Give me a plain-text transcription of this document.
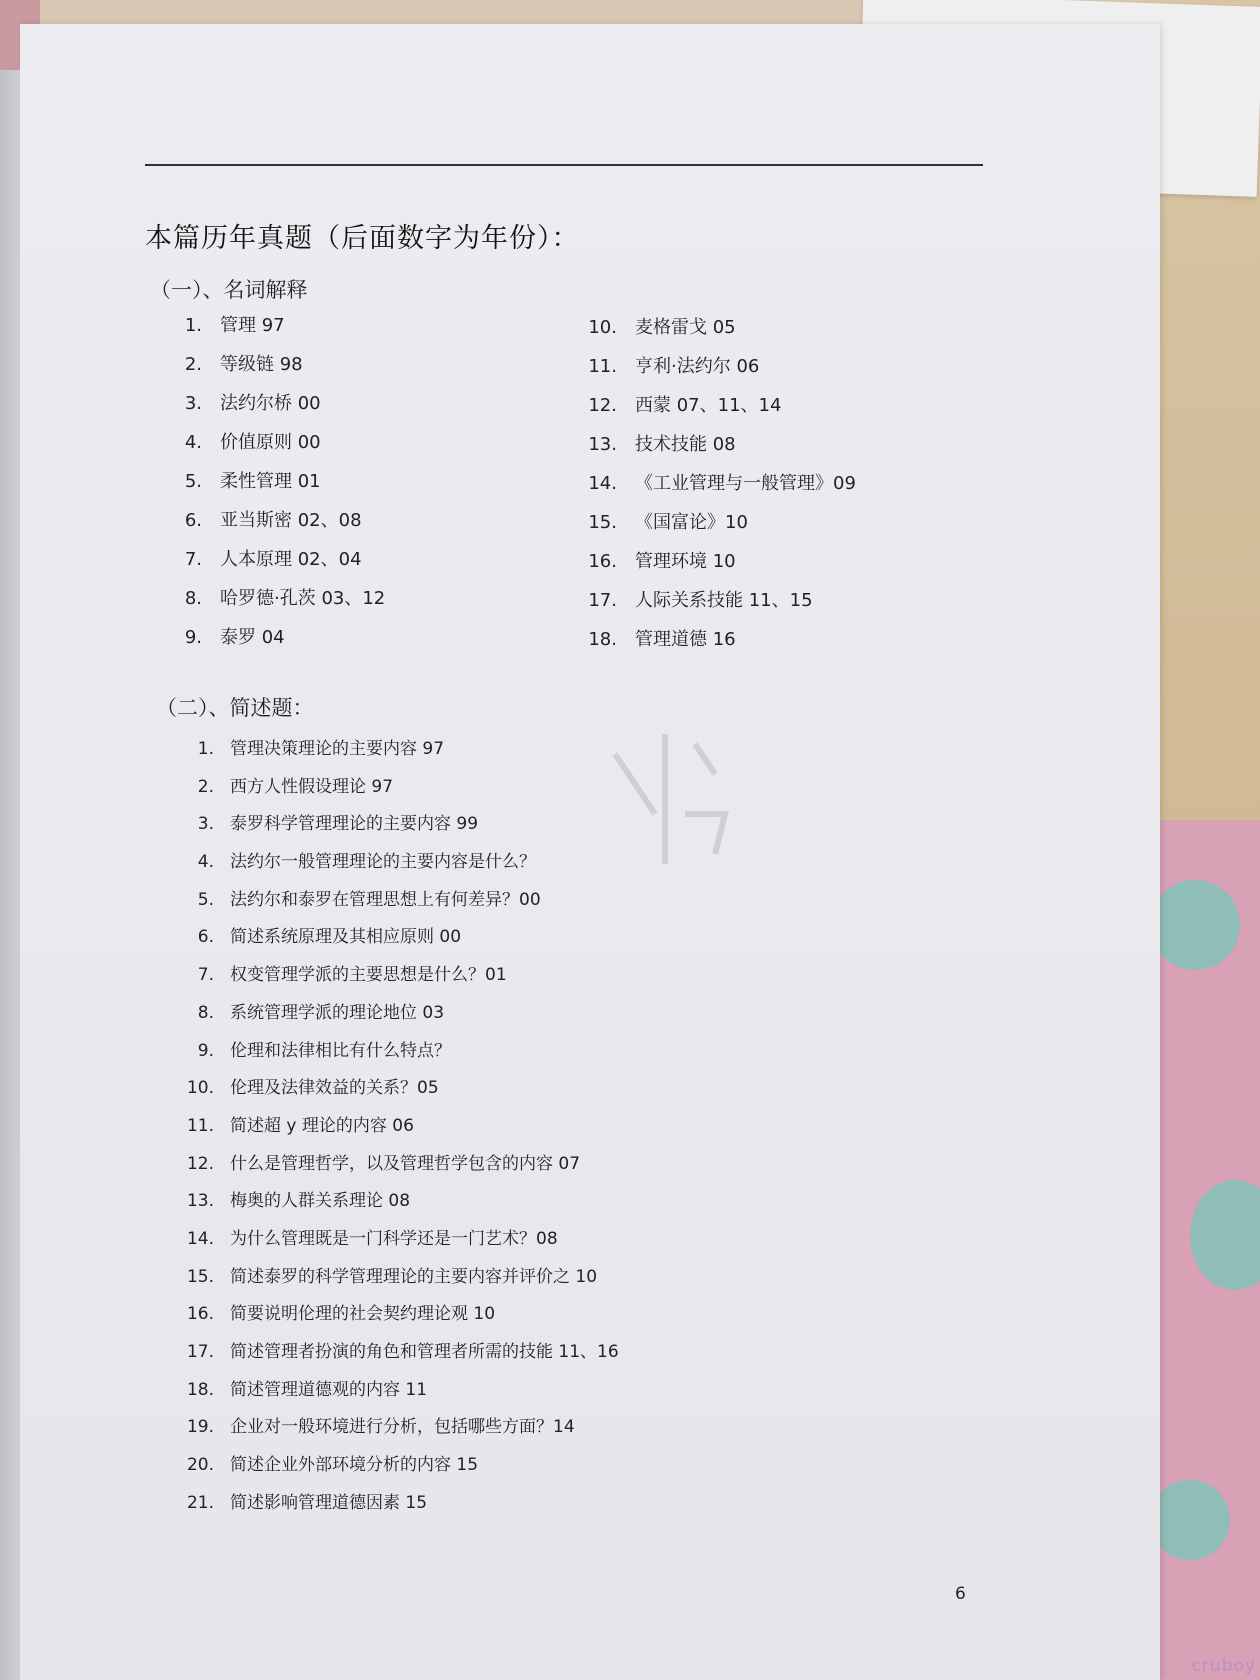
本篇历年真题（后面数字为年份）：
（一）、名词解释
1. 管理 97
2. 等级链 98
3. 法约尔桥 00
4. 价值原则 00
5. 柔性管理 01
6. 亚当斯密 02、08
7. 人本原理 02、04
8. 哈罗德·孔茨 03、12
9. 泰罗 04
10. 麦格雷戈 05
11. 亨利·法约尔 06
12. 西蒙 07、11、14
13. 技术技能 08
14. 《工业管理与一般管理》09
15. 《国富论》10
16. 管理环境 10
17. 人际关系技能 11、15
18. 管理道德 16
（二）、简述题：
1. 管理决策理论的主要内容 97
2. 西方人性假设理论 97
3. 泰罗科学管理理论的主要内容 99
4. 法约尔一般管理理论的主要内容是什么？
5. 法约尔和泰罗在管理思想上有何差异？00
6. 简述系统原理及其相应原则 00
7. 权变管理学派的主要思想是什么？01
8. 系统管理学派的理论地位 03
9. 伦理和法律相比有什么特点？
10. 伦理及法律效益的关系？05
11. 简述超 y 理论的内容 06
12. 什么是管理哲学，以及管理哲学包含的内容 07
13. 梅奥的人群关系理论 08
14. 为什么管理既是一门科学还是一门艺术？08
15. 简述泰罗的科学管理理论的主要内容并评价之 10
16. 简要说明伦理的社会契约理论观 10
17. 简述管理者扮演的角色和管理者所需的技能 11、16
18. 简述管理道德观的内容 11
19. 企业对一般环境进行分析，包括哪些方面？14
20. 简述企业外部环境分析的内容 15
21. 简述影响管理道德因素 15
6
cruboy
